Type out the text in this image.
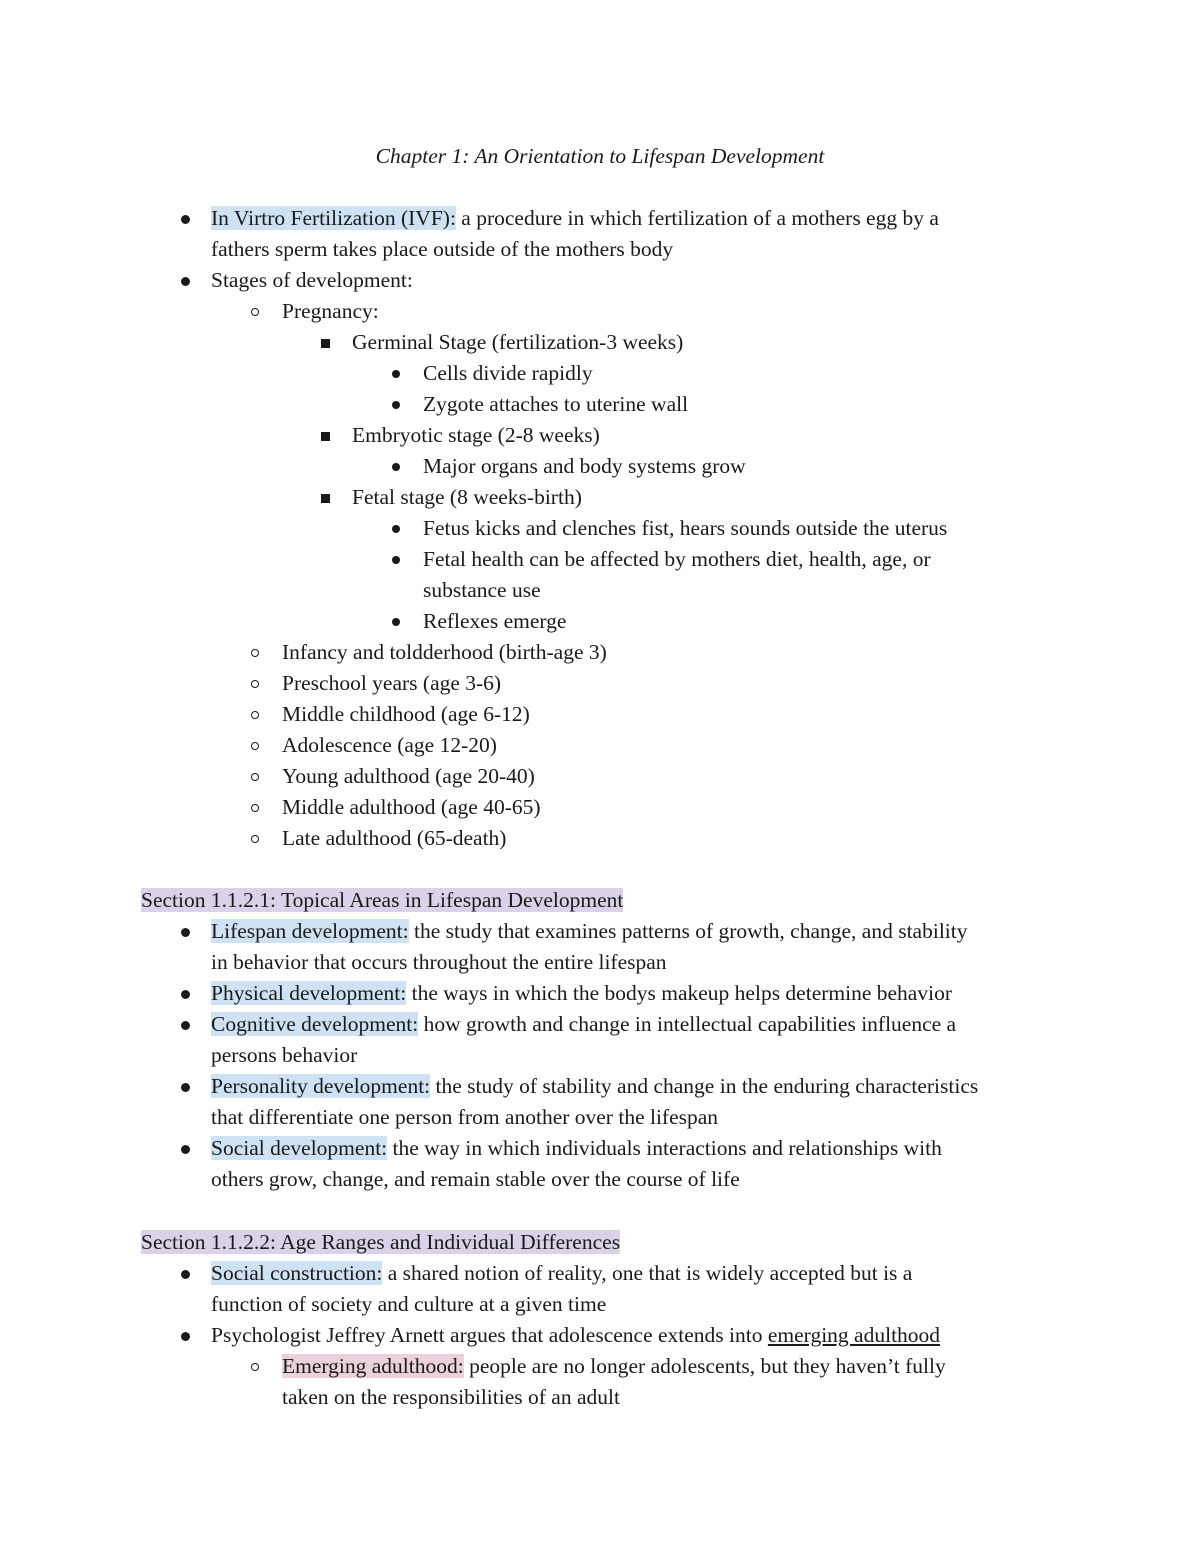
Chapter 1: An Orientation to Lifespan Development
In Virtro Fertilization (IVF): a procedure in which fertilization of a mothers egg by a
fathers sperm takes place outside of the mothers body
Stages of development:
Pregnancy:
Germinal Stage (fertilization-3 weeks)
Cells divide rapidly
Zygote attaches to uterine wall
Embryotic stage (2-8 weeks)
Major organs and body systems grow
Fetal stage (8 weeks-birth)
Fetus kicks and clenches fist, hears sounds outside the uterus
Fetal health can be affected by mothers diet, health, age, or
substance use
Reflexes emerge
Infancy and toldderhood (birth-age 3)
Preschool years (age 3-6)
Middle childhood (age 6-12)
Adolescence (age 12-20)
Young adulthood (age 20-40)
Middle adulthood (age 40-65)
Late adulthood (65-death)
Section 1.1.2.1: Topical Areas in Lifespan Development
Lifespan development: the study that examines patterns of growth, change, and stability
in behavior that occurs throughout the entire lifespan
Physical development: the ways in which the bodys makeup helps determine behavior
Cognitive development: how growth and change in intellectual capabilities influence a
persons behavior
Personality development: the study of stability and change in the enduring characteristics
that differentiate one person from another over the lifespan
Social development: the way in which individuals interactions and relationships with
others grow, change, and remain stable over the course of life
Section 1.1.2.2: Age Ranges and Individual Differences
Social construction: a shared notion of reality, one that is widely accepted but is a
function of society and culture at a given time
Psychologist Jeffrey Arnett argues that adolescence extends into emerging adulthood
Emerging adulthood: people are no longer adolescents, but they haven’t fully
taken on the responsibilities of an adult
